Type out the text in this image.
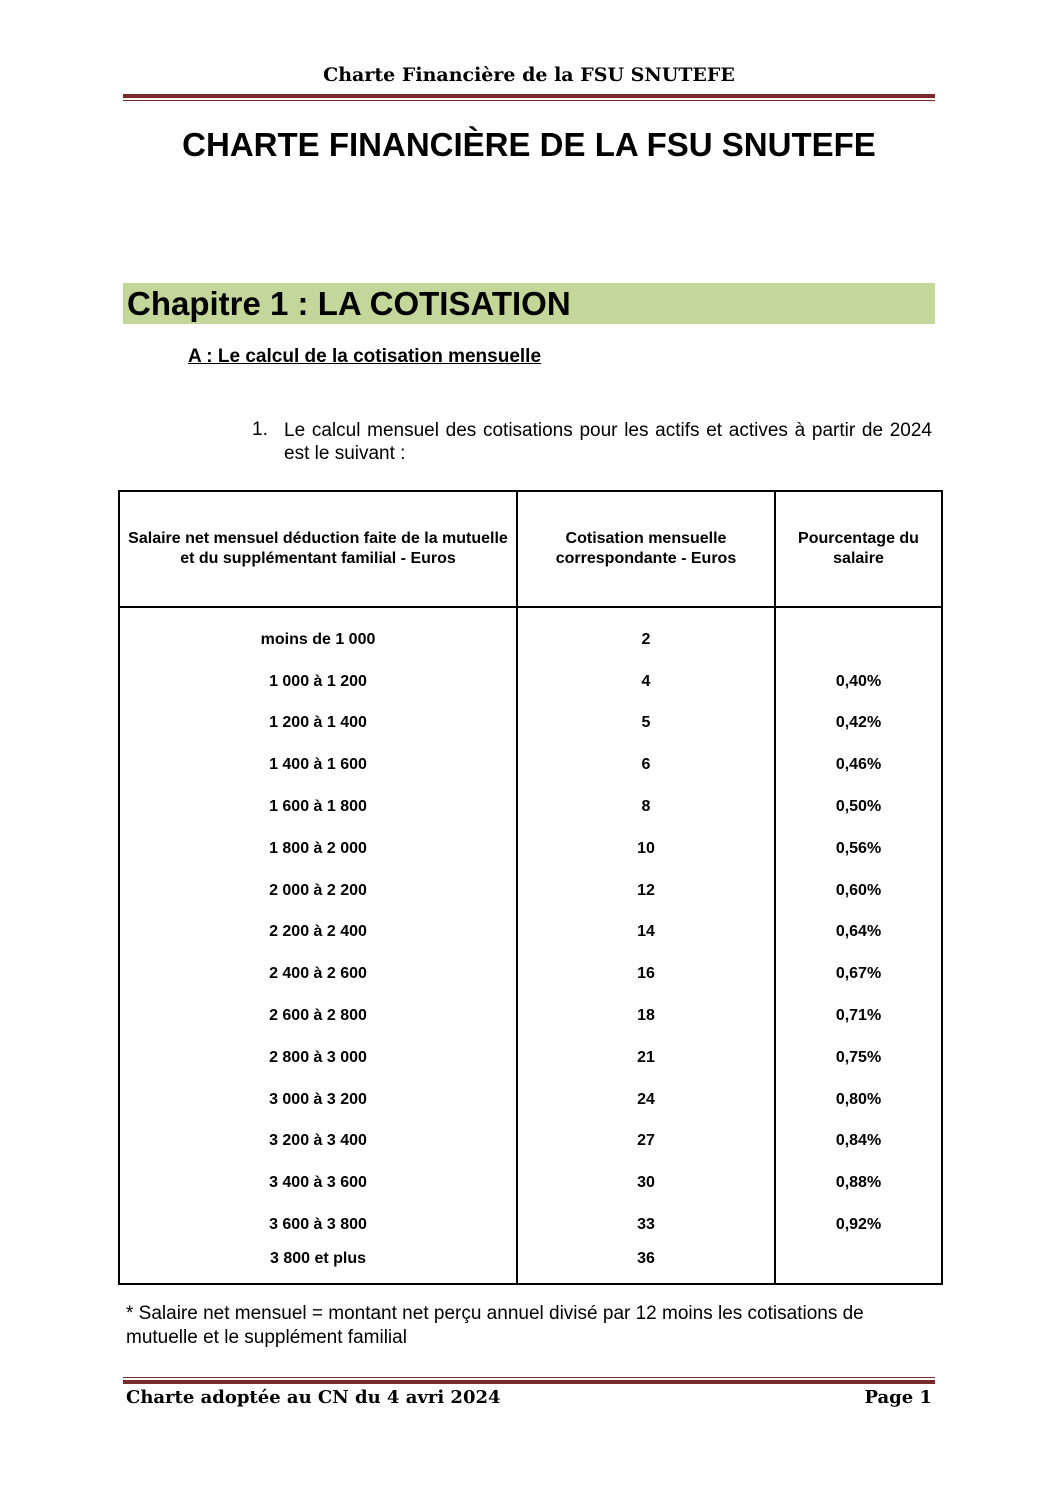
Charte Financière de la FSU SNUTEFE
CHARTE FINANCIÈRE DE LA FSU SNUTEFE
Chapitre 1 : LA COTISATION
A : Le calcul de la cotisation mensuelle
1. Le calcul mensuel des cotisations pour les actifs et actives à partir de 2024 est le suivant :
Salaire net mensuel déduction faite de la mutuelle et du supplémentant familial - Euros	Cotisation mensuelle correspondante - Euros	Pourcentage du salaire

moins de 1 000	2	
1 000 à 1 200	4	0,40%
1 200 à 1 400	5	0,42%
1 400 à 1 600	6	0,46%
1 600 à 1 800	8	0,50%
1 800 à 2 000	10	0,56%
2 000 à 2 200	12	0,60%
2 200 à 2 400	14	0,64%
2 400 à 2 600	16	0,67%
2 600 à 2 800	18	0,71%
2 800 à 3 000	21	0,75%
3 000 à 3 200	24	0,80%
3 200 à 3 400	27	0,84%
3 400 à 3 600	30	0,88%
3 600 à 3 800	33	0,92%
3 800 et plus	36	
* Salaire net mensuel = montant net perçu annuel divisé par 12 moins les cotisations de mutuelle et le supplément familial
Charte adoptée au CN du 4 avri 2024	Page 1
